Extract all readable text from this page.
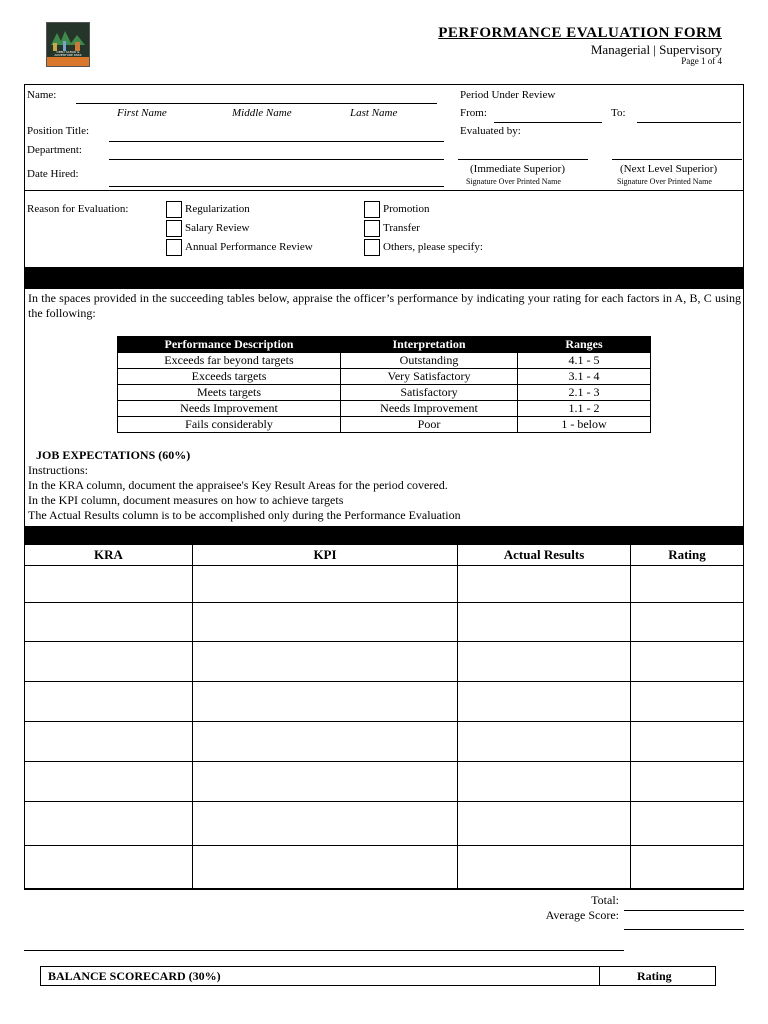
CEBU SAFARI & ADVENTURE PARK
PERFORMANCE EVALUATION FORM
Managerial | Supervisory
Page 1 of 4
Name:
First Name	Middle Name	Last Name
Position Title:
Department:
Date Hired:
Period Under Review
From:	To:
Evaluated by:
(Immediate Superior)	(Next Level Superior)
Signature Over Printed Name	Signature Over Printed Name
Reason for Evaluation:	Regularization
Salary Review
Annual Performance Review
Promotion
Transfer
Others, please specify:
In the spaces provided in the succeeding tables below, appraise the officer’s performance by indicating your rating for each factors in A, B, C using the following:
Performance Description	Interpretation	Ranges
Exceeds far beyond targets	Outstanding	4.1 - 5
Exceeds targets	Very Satisfactory	3.1 - 4
Meets targets	Satisfactory	2.1 - 3
Needs Improvement	Needs Improvement	1.1 - 2
Fails considerably	Poor	1 - below
JOB EXPECTATIONS (60%)
Instructions:
In the KRA column, document the appraisee's Key Result Areas for the period covered.
In the KPI column, document measures on how to achieve targets
The Actual Results column is to be accomplished only during the Performance Evaluation
KRA	KPI	Actual Results	Rating

Total:
Average Score:
BALANCE SCORECARD (30%)	Rating
